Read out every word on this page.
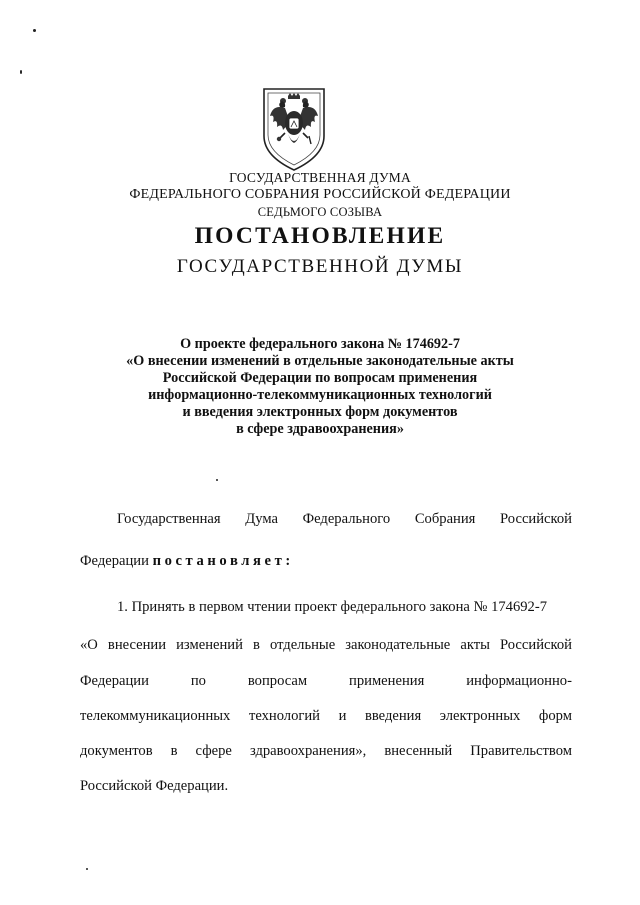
ГОСУДАРСТВЕННАЯ ДУМА
ФЕДЕРАЛЬНОГО СОБРАНИЯ РОССИЙСКОЙ ФЕДЕРАЦИИ
СЕДЬМОГО СОЗЫВА
ПОСТАНОВЛЕНИЕ
ГОСУДАРСТВЕННОЙ ДУМЫ
О проекте федерального закона № 174692-7
«О внесении изменений в отдельные законодательные акты
Российской Федерации по вопросам применения
информационно-телекоммуникационных технологий
и введения электронных форм документов
в сфере здравоохранения»
Государственная Дума Федерального Собрания Российской
Федерации постановляет:
1. Принять в первом чтении проект федерального закона № 174692-7
«О внесении изменений в отдельные законодательные акты Российской
Федерации	по	вопросам	применения	информационно-
телекоммуникационных технологий и введения электронных форм
документов в сфере здравоохранения», внесенный Правительством
Российской Федерации.
